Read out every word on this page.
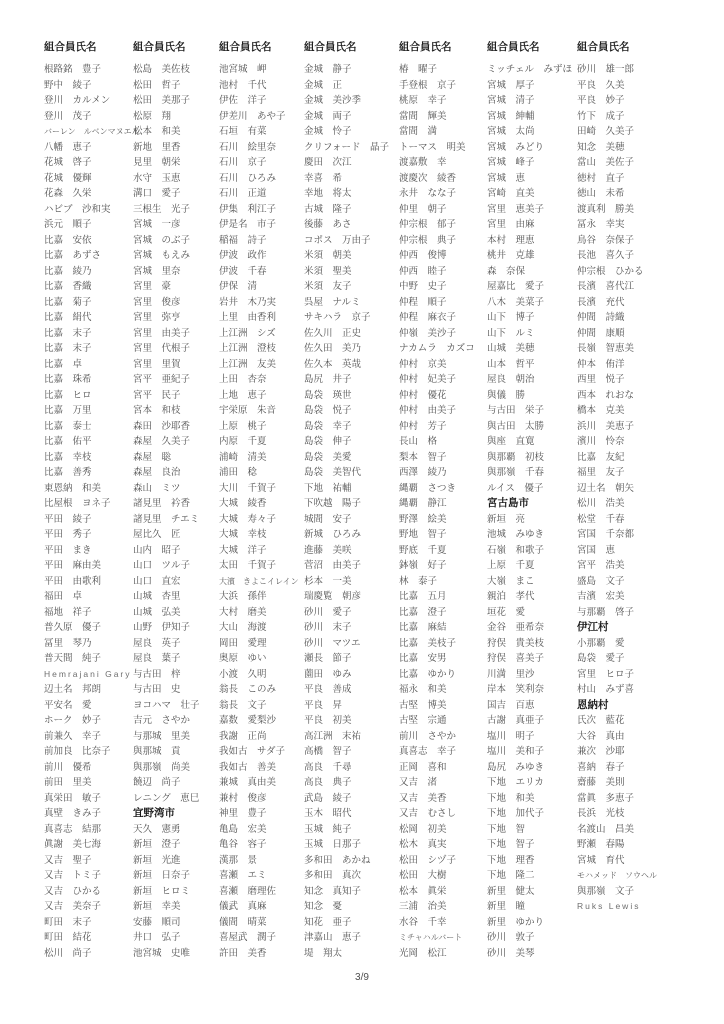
組合員氏名
根路銘　豊子
野中　綾子
登川　カルメン
登川　茂子
バーレン　ルベンマヌエル
八幡　恵子
花城　啓子
花城　優輝
花森　久栄
ハビブ　沙和実
浜元　順子
比嘉　安依
比嘉　あずさ
比嘉　綾乃
比嘉　香織
比嘉　菊子
比嘉　絹代
比嘉　末子
比嘉　末子
比嘉　卓
比嘉　珠希
比嘉　ヒロ
比嘉　万里
比嘉　泰士
比嘉　佑平
比嘉　幸枝
比嘉　善秀
東恩納　和美
比屋根　ヨネ子
平田　綾子
平田　秀子
平田　まき
平田　麻由美
平田　由歌利
福田　卓
福地　祥子
普久原　優子
冨里　琴乃
普天間　純子
Hemrajani Gary
辺土名　邦朗
平安名　愛
ホーク　妙子
前兼久　幸子
前加良　比奈子
前川　優希
前田　里美
真栄田　敏子
真壁　きみ子
真喜志　結那
眞謝　美七海
又吉　聖子
又吉　トミ子
又吉　ひかる
又吉　美奈子
町田　末子
町田　結花
松川　尚子
組合員氏名
松島　美佐枝
松田　哲子
松田　美那子
松原　翔
松本　和美
新地　里香
見里　朝栄
水守　玉恵
溝口　愛子
三根生　光子
宮城　一彦
宮城　のぶ子
宮城　もえみ
宮城　里奈
宮里　豪
宮里　俊彦
宮里　弥亨
宮里　由美子
宮里　代根子
宮里　里賀
宮平　亜紀子
宮平　民子
宮本　和枝
森田　沙耶香
森屋　久美子
森屋　聡
森屋　良治
森山　ミツ
諸見里　衿香
諸見里　チエミ
屋比久　匠
山内　昭子
山口　ツル子
山口　直宏
山城　杏里
山城　弘美
山野　伊知子
屋良　英子
屋良　葉子
与古田　梓
与古田　史
ヨコハマ　壮子
吉元　さやか
与那城　里美
與那城　貢
與那嶺　尚美
饒辺　尚子
レニング　恵巳
宜野湾市
天久　憲勇
新垣　澄子
新垣　光進
新垣　日奈子
新垣　ヒロミ
新垣　幸美
安藤　順司
井口　弘子
池宮城　史唯
組合員氏名
池宮城　岬
池村　千代
伊佐　洋子
伊差川　あや子
石垣　有菜
石川　絵里奈
石川　京子
石川　ひろみ
石川　正道
伊集　利江子
伊是名　市子
稲福　詩子
伊波　政作
伊波　千春
伊保　清
岩井　木乃実
上里　由香利
上江洲　シズ
上江洲　澄枝
上江洲　友美
上田　杏奈
上地　恵子
宇栄原　朱音
上原　桃子
内原　千夏
浦崎　清美
浦田　稔
大川　千賀子
大城　綾香
大城　寿々子
大城　幸枝
大城　洋子
太田　千賀子
大濱　きよこイレイン
大浜　孫伴
大村　磨美
大山　海渡
岡田　愛理
奥原　ゆい
小渡　久明
翁長　このみ
翁長　文子
嘉数　愛梨沙
我謝　正尚
我如古　サダ子
我如古　善美
兼城　真由美
兼村　俊彦
神里　豊子
亀島　宏美
亀谷　容子
漢那　景
喜瀬　エミ
喜瀬　磨理佐
儀武　真麻
儀間　晴菜
喜屋武　潤子
許田　美香
組合員氏名
金城　静子
金城　正
金城　美沙季
金城　両子
金城　怜子
クリフォード　晶子
慶田　次江
幸喜　希
幸地　将太
古城　隆子
後藤　あさ
コポス　万由子
米須　朝美
米須　聖美
米須　友子
呉屋　ナルミ
サキハラ　京子
佐久川　正史
佐久田　美乃
佐久本　英哉
島尻　井子
島袋　瑛世
島袋　悦子
島袋　幸子
島袋　伸子
島袋　美愛
島袋　美智代
下地　祐輔
下吹越　陽子
城間　安子
新城　ひろみ
進藤　美咲
菅沼　由美子
杉本　一美
瑞慶覧　朝彦
砂川　愛子
砂川　末子
砂川　マツエ
瀬長　節子
薗田　ゆみ
平良　善成
平良　昇
平良　初美
高江洲　末祐
高橋　智子
高良　千尋
高良　典子
武島　綾子
玉木　昭代
玉城　純子
玉城　日那子
多和田　あかね
多和田　真次
知念　真知子
知念　憂
知花　亜子
津嘉山　恵子
堤　翔太
組合員氏名
椿　曜子
手登根　京子
桃原　幸子
當間　輝美
當間　満
トーマス　明美
渡嘉敷　幸
渡慶次　綾香
永井　なな子
仲里　朝子
仲宗根　郁子
仲宗根　典子
仲西　俊博
仲西　睦子
中野　史子
仲程　順子
仲程　麻衣子
仲嶺　美沙子
ナカムラ　カズコ
仲村　京美
仲村　妃美子
仲村　優花
仲村　由美子
仲村　芳子
長山　格
梨本　智子
西澤　綾乃
縄覇　さつき
縄覇　静江
野澤　絵美
野地　智子
野底　千夏
鉢嶺　好子
林　泰子
比嘉　五月
比嘉　澄子
比嘉　麻結
比嘉　美枝子
比嘉　安男
比嘉　ゆかり
福永　和美
古堅　博美
古堅　宗通
前川　さやか
真喜志　幸子
正岡　喜和
又吉　渚
又吉　美香
又吉　むさし
松岡　初美
松木　真実
松田　シヅ子
松田　大樹
松本　眞栄
三浦　治美
水谷　千幸
ミチャハルバート
光岡　松江
組合員氏名
ミッチェル　みずほ
宮城　厚子
宮城　清子
宮城　紳輔
宮城　太尚
宮城　みどり
宮城　峰子
宮城　恵
宮崎　直美
宮里　恵美子
宮里　由麻
本村　理恵
桃井　克雄
森　奈保
屋嘉比　愛子
八木　美菜子
山下　博子
山下　ルミ
山城　美穂
山本　哲平
屋良　朝治
與儀　勝
与古田　栄子
與古田　太勝
與座　直寛
與那覇　初枝
與那嶺　千春
ルイス　優子
宮古島市
新垣　亮
池城　みゆき
石嶺　和歌子
上原　千夏
大嶺　まこ
親泊　孝代
垣花　愛
金谷　亜希奈
狩俣　貴美枝
狩俣　喜美子
川満　里沙
岸本　笑利奈
国吉　百恵
古謝　真亜子
塩川　明子
塩川　美和子
島尻　みゆき
下地　エリカ
下地　和美
下地　加代子
下地　智
下地　智子
下地　理香
下地　隆二
新里　健太
新里　瞳
新里　ゆかり
砂川　敦子
砂川　美琴
組合員氏名
砂川　雄一郎
平良　久美
平良　妙子
竹下　成子
田崎　久美子
知念　美穂
當山　美佐子
徳村　直子
徳山　未希
渡真利　勝美
冨永　幸実
鳥谷　奈保子
長池　喜久子
仲宗根　ひかる
長濱　喜代江
長濱　充代
仲間　詩織
仲間　康順
長嶺　智恵美
仲本　侑洋
西里　悦子
西本　れおな
橋本　克美
浜川　美恵子
濱川　怜奈
比嘉　友紀
福里　友子
辺土名　朝矢
松川　浩美
松堂　千春
宮国　千奈都
宮国　恵
宮平　浩美
盛島　文子
吉濱　宏美
与那覇　啓子
伊江村
小那覇　愛
島袋　愛子
宮里　ヒロ子
村山　みず喜
恩納村
氏次　藍花
大谷　真由
兼次　沙耶
喜納　春子
齋藤　美則
當眞　多恵子
長浜　光枝
名渡山　昌美
野瀬　春陽
宮城　育代
モハメッド　ソウヘル
與那嶺　文子
Ruks Lewis
3/9
